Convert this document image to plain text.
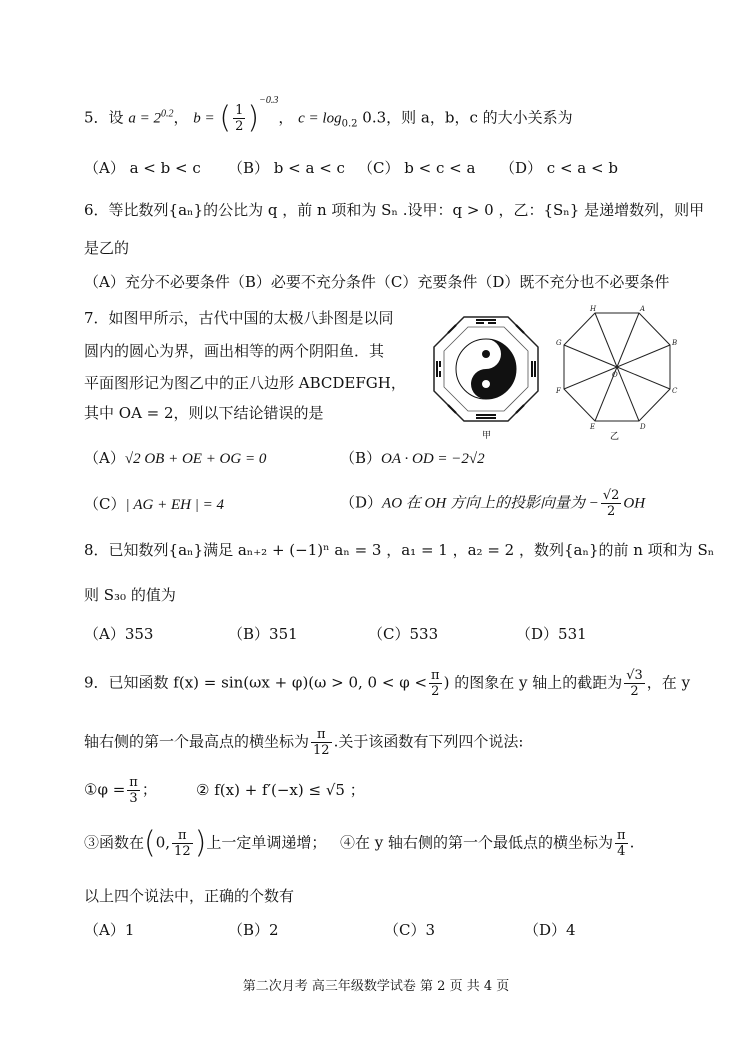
5．设 $a = 2^{0.2}$， b = ( $\frac{1}{2} )^{-0.3}$， $c = \log_{0.2} 0.3$，则 a，b，c 的大小关系为
（A） a < b < c （B） b < a < c （C） b < c < a （D） c < a < b
6．等比数列{aₙ}的公比为 q ，前 n 项和为 Sₙ .设甲：q > 0 ，乙：{Sₙ} 是递增数列，则甲
是乙的
（A）充分不必要条件（B）必要不充分条件（C）充要条件（D）既不充分也不必要条件
7．如图甲所示，古代中国的太极八卦图是以同
圆内的圆心为界，画出相等的两个阴阳鱼．其
平面图形记为图乙中的正八边形 ABCDEFGH，
其中 OA = 2，则以下结论错误的是
甲
A
B
C
D
E
F
G
H
O
乙
（A）√2 OB + OE + OG = 0	（B）OA · OD = −2√2
（C）| AG + EH | = 4	（D）AO 在 OH 方向上的投影向量为 − $\frac{√2}{2}$ OH
8．已知数列{aₙ}满足 aₙ₊₂ + (−1)ⁿ aₙ = 3 ，a₁ = 1 ，a₂ = 2 ，数列{aₙ}的前 n 项和为 Sₙ
则 S₃₀ 的值为
（A）353	（B）351	（C）533	（D）531
9．已知函数 f(x) = sin(ωx + φ)(ω > 0, $0 < \varphi < \frac{\pi}{2}$ ) 的图象在 y 轴上的截距为 $\frac{√3}{2}$ ，在 y
轴右侧的第一个最高点的横坐标为 $\frac{\pi}{12}$ .关于该函数有下列四个说法:
①φ = $\frac{\pi}{3}$ ；	② f(x) + f′(−x) ≤ √5 ；
③函数在(0, $\frac{\pi}{12}$ )上一定单调递增； ④在 y 轴右侧的第一个最低点的横坐标为 $\frac{\pi}{4}$ .
以上四个说法中，正确的个数有
（A）1	（B）2	（C）3	（D）4
第二次月考 高三年级数学试卷 第 2 页 共 4 页
